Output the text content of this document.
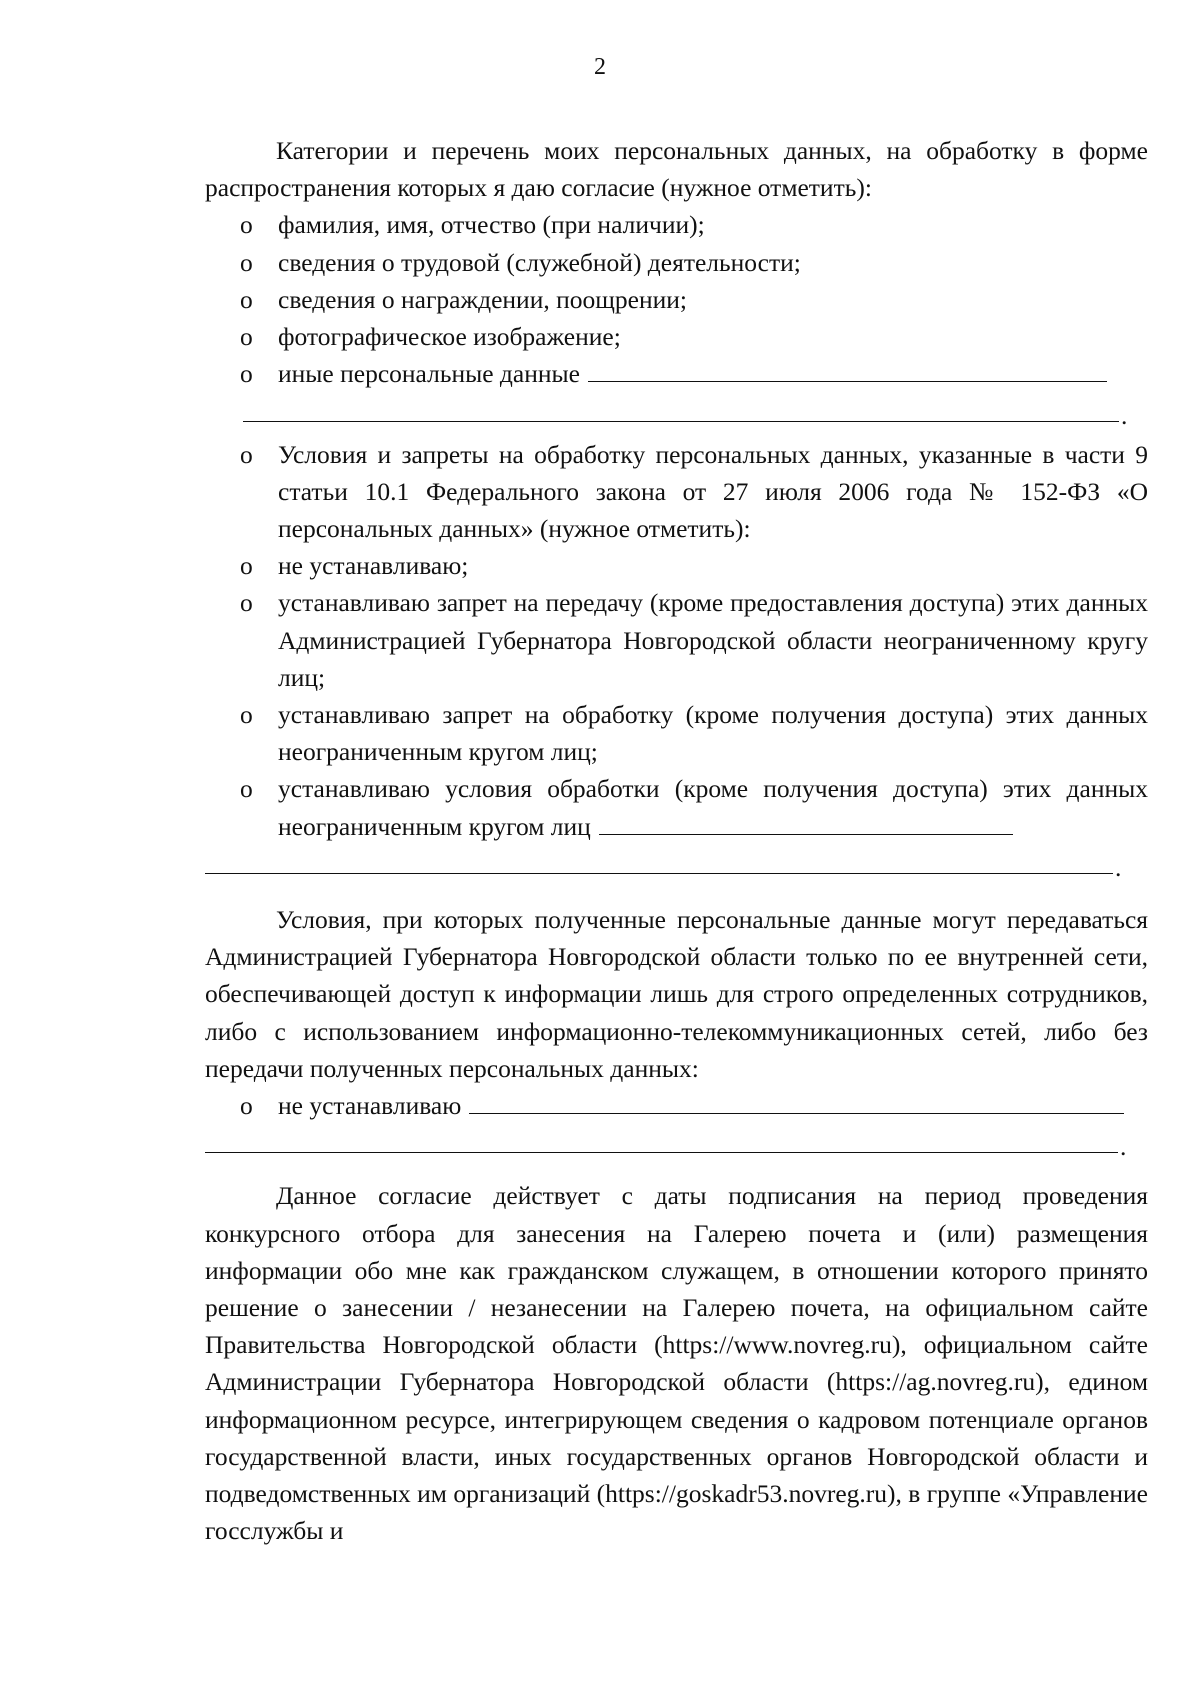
2

Категории и перечень моих персональных данных, на обработку в форме распространения которых я даю согласие (нужное отметить):

o фамилия, имя, отчество (при наличии);
o сведения о трудовой (служебной) деятельности;
o сведения о награждении, поощрении;
o фотографическое изображение;
o иные персональные данные
.
o Условия и запреты на обработку персональных данных, указанные в части 9 статьи 10.1 Федерального закона от 27 июля 2006 года № 152-ФЗ «О персональных данных» (нужное отметить):
o не устанавливаю;
o устанавливаю запрет на передачу (кроме предоставления доступа) этих данных Администрацией Губернатора Новгородской области неограниченному кругу лиц;
o устанавливаю запрет на обработку (кроме получения доступа) этих данных неограниченным кругом лиц;
o устанавливаю условия обработки (кроме получения доступа) этих данных неограниченным кругом лиц
.

Условия, при которых полученные персональные данные могут передаваться Администрацией Губернатора Новгородской области только по ее внутренней сети, обеспечивающей доступ к информации лишь для строго определенных сотрудников, либо с использованием информационно-телекоммуникационных сетей, либо без передачи полученных персональных данных:

o не устанавливаю
.

Данное согласие действует с даты подписания на период проведения конкурсного отбора для занесения на Галерею почета и (или) размещения информации обо мне как гражданском служащем, в отношении которого принято решение о занесении / незанесении на Галерею почета, на официальном сайте Правительства Новгородской области (https://www.novreg.ru), официальном сайте Администрации Губернатора Новгородской области (https://ag.novreg.ru), едином информационном ресурсе, интегрирующем сведения о кадровом потенциале органов государственной власти, иных государственных органов Новгородской области и подведомственных им организаций (https://goskadr53.novreg.ru), в группе «Управление госслужбы и
